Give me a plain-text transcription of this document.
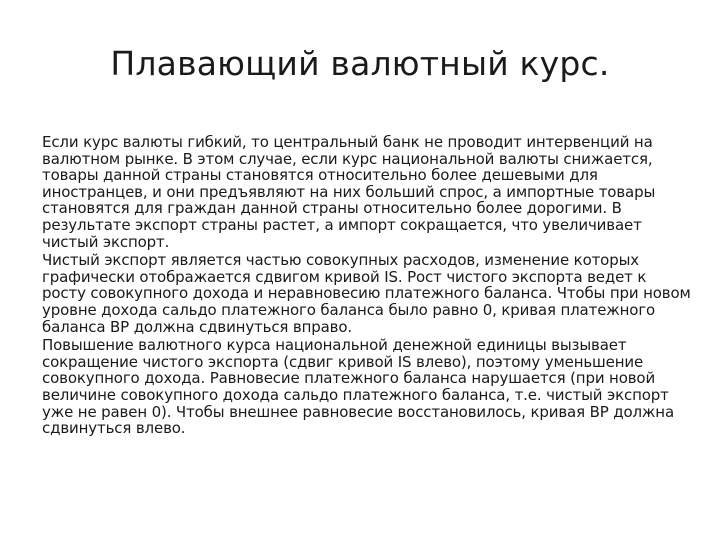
Плавающий валютный курс.

Если курс валюты гибкий, то центральный банк не проводит интервенций на валютном рынке. В этом случае, если курс национальной валюты снижается, товары данной страны становятся относительно более дешевыми для иностранцев, и они предъявляют на них больший спрос, а импортные товары становятся для граждан данной страны относительно более дорогими. В результате экспорт страны растет, а импорт сокращается, что увеличивает чистый экспорт.

Чистый экспорт является частью совокупных расходов, изменение которых графически отображается сдвигом кривой IS. Рост чистого экспорта ведет к росту совокупного дохода и неравновесию платежного баланса. Чтобы при новом уровне дохода сальдо платежного баланса было равно 0, кривая платежного баланса BP должна сдвинуться вправо.

Повышение валютного курса национальной денежной единицы вызывает сокращение чистого экспорта (сдвиг кривой IS влево), поэтому уменьшение совокупного дохода. Равновесие платежного баланса нарушается (при новой величине совокупного дохода сальдо платежного баланса, т.е. чистый экспорт уже не равен 0). Чтобы внешнее равновесие восстановилось, кривая BP должна сдвинуться влево.
